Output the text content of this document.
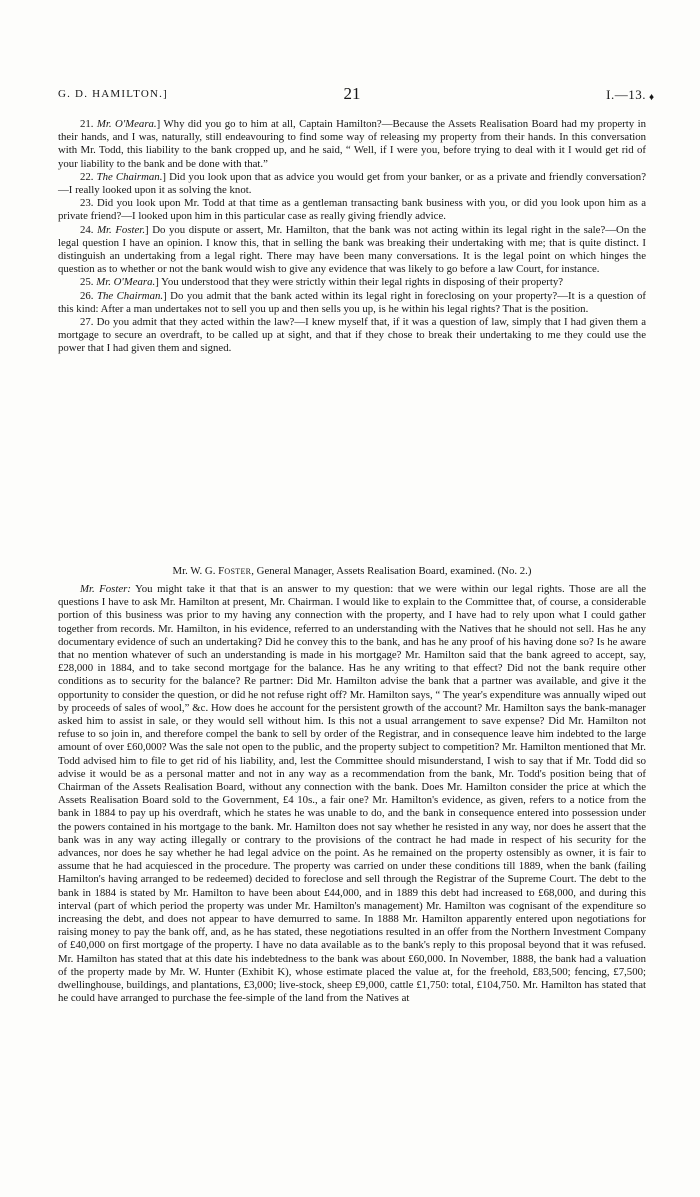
G. D. HAMILTON.]	21	I.—13. ♦

21. Mr. O'Meara.] Why did you go to him at all, Captain Hamilton?—Because the Assets Realisation Board had my property in their hands, and I was, naturally, still endeavouring to find some way of releasing my property from their hands. In this conversation with Mr. Todd, this liability to the bank cropped up, and he said, “ Well, if I were you, before trying to deal with it I would get rid of your liability to the bank and be done with that.”

22. The Chairman.] Did you look upon that as advice you would get from your banker, or as a private and friendly conversation?—I really looked upon it as solving the knot.

23. Did you look upon Mr. Todd at that time as a gentleman transacting bank business with you, or did you look upon him as a private friend?—I looked upon him in this particular case as really giving friendly advice.

24. Mr. Foster.] Do you dispute or assert, Mr. Hamilton, that the bank was not acting within its legal right in the sale?—On the legal question I have an opinion. I know this, that in selling the bank was breaking their undertaking with me; that is quite distinct. I distinguish an undertaking from a legal right. There may have been many conversations. It is the legal point on which hinges the question as to whether or not the bank would wish to give any evidence that was likely to go before a law Court, for instance.

25. Mr. O'Meara.] You understood that they were strictly within their legal rights in disposing of their property?

26. The Chairman.] Do you admit that the bank acted within its legal right in foreclosing on your property?—It is a question of this kind: After a man undertakes not to sell you up and then sells you up, is he within his legal rights? That is the position.

27. Do you admit that they acted within the law?—I knew myself that, if it was a question of law, simply that I had given them a mortgage to secure an overdraft, to be called up at sight, and that if they chose to break their undertaking to me they could use the power that I had given them and signed.

Mr. W. G. Foster, General Manager, Assets Realisation Board, examined. (No. 2.)

Mr. Foster: You might take it that that is an answer to my question: that we were within our legal rights. Those are all the questions I have to ask Mr. Hamilton at present, Mr. Chairman. I would like to explain to the Committee that, of course, a considerable portion of this business was prior to my having any connection with the property, and I have had to rely upon what I could gather together from records. Mr. Hamilton, in his evidence, referred to an understanding with the Natives that he should not sell. Has he any documentary evidence of such an undertaking? Did he convey this to the bank, and has he any proof of his having done so? Is he aware that no mention whatever of such an understanding is made in his mortgage? Mr. Hamilton said that the bank agreed to accept, say, £28,000 in 1884, and to take second mortgage for the balance. Has he any writing to that effect? Did not the bank require other conditions as to security for the balance? Re partner: Did Mr. Hamilton advise the bank that a partner was available, and give it the opportunity to consider the question, or did he not refuse right off? Mr. Hamilton says, “ The year's expenditure was annually wiped out by proceeds of sales of wool,” &c. How does he account for the persistent growth of the account? Mr. Hamilton says the bank-manager asked him to assist in sale, or they would sell without him. Is this not a usual arrangement to save expense? Did Mr. Hamilton not refuse to so join in, and therefore compel the bank to sell by order of the Registrar, and in consequence leave him indebted to the large amount of over £60,000? Was the sale not open to the public, and the property subject to competition? Mr. Hamilton mentioned that Mr. Todd advised him to file to get rid of his liability, and, lest the Committee should misunderstand, I wish to say that if Mr. Todd did so advise it would be as a personal matter and not in any way as a recommendation from the bank, Mr. Todd's position being that of Chairman of the Assets Realisation Board, without any connection with the bank. Does Mr. Hamilton consider the price at which the Assets Realisation Board sold to the Government, £4 10s., a fair one? Mr. Hamilton's evidence, as given, refers to a notice from the bank in 1884 to pay up his overdraft, which he states he was unable to do, and the bank in consequence entered into possession under the powers contained in his mortgage to the bank. Mr. Hamilton does not say whether he resisted in any way, nor does he assert that the bank was in any way acting illegally or contrary to the provisions of the contract he had made in respect of his security for the advances, nor does he say whether he had legal advice on the point. As he remained on the property ostensibly as owner, it is fair to assume that he had acquiesced in the procedure. The property was carried on under these conditions till 1889, when the bank (failing Hamilton's having arranged to be redeemed) decided to foreclose and sell through the Registrar of the Supreme Court. The debt to the bank in 1884 is stated by Mr. Hamilton to have been about £44,000, and in 1889 this debt had increased to £68,000, and during this interval (part of which period the property was under Mr. Hamilton's management) Mr. Hamilton was cognisant of the expenditure so increasing the debt, and does not appear to have demurred to same. In 1888 Mr. Hamilton apparently entered upon negotiations for raising money to pay the bank off, and, as he has stated, these negotiations resulted in an offer from the Northern Investment Company of £40,000 on first mortgage of the property. I have no data available as to the bank's reply to this proposal beyond that it was refused. Mr. Hamilton has stated that at this date his indebtedness to the bank was about £60,000. In November, 1888, the bank had a valuation of the property made by Mr. W. Hunter (Exhibit K), whose estimate placed the value at, for the freehold, £83,500; fencing, £7,500; dwellinghouse, buildings, and plantations, £3,000; live-stock, sheep £9,000, cattle £1,750: total, £104,750. Mr. Hamilton has stated that he could have arranged to purchase the fee-simple of the land from the Natives at
